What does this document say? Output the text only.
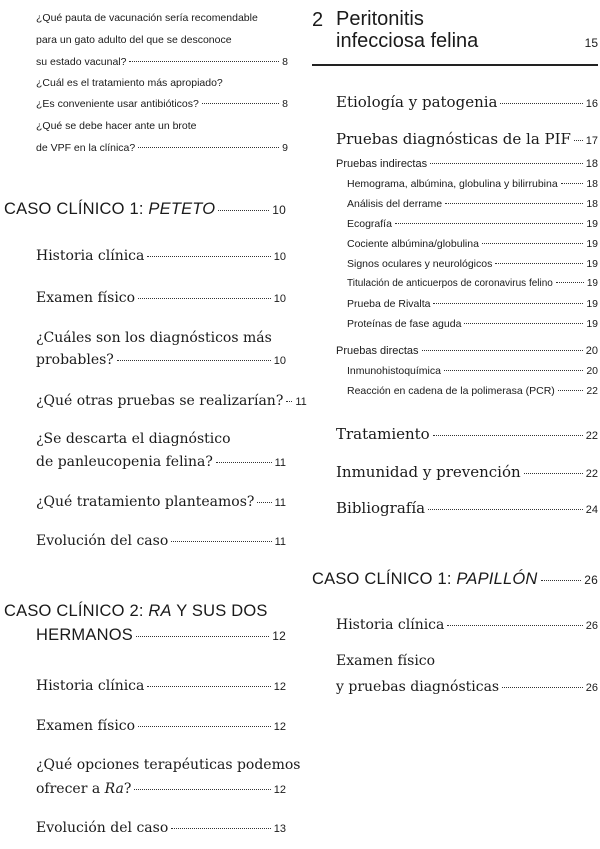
¿Qué pauta de vacunación sería recomendable
para un gato adulto del que se desconoce
su estado vacunal?	8
¿Cuál es el tratamiento más apropiado?
¿Es conveniente usar antibióticos?	8
¿Qué se debe hacer ante un brote
de VPF en la clínica?	9
CASO CLÍNICO 1: PETETO	10
Historia clínica	10
Examen físico	10
¿Cuáles son los diagnósticos más
probables?	10
¿Qué otras pruebas se realizarían? 11
¿Se descarta el diagnóstico
de panleucopenia felina?	11
¿Qué tratamiento planteamos? 11
Evolución del caso	11
CASO CLÍNICO 2: RA Y SUS DOS
HERMANOS	12
Historia clínica	12
Examen físico	12
¿Qué opciones terapéuticas podemos
ofrecer a Ra?	12
Evolución del caso	13
2 Peritonitis
infecciosa felina	15
Etiología y patogenia	16
Pruebas diagnósticas de la PIF 17
Pruebas indirectas	18
Hemograma, albúmina, globulina y bilirrubina	18
Análisis del derrame	18
Ecografía	19
Cociente albúmina/globulina	19
Signos oculares y neurológicos	19
Titulación de anticuerpos de coronavirus felino	19
Prueba de Rivalta	19
Proteínas de fase aguda	19
Pruebas directas	20
Inmunohistoquímica	20
Reacción en cadena de la polimerasa (PCR)	22
Tratamiento	22
Inmunidad y prevención	22
Bibliografía	24
CASO CLÍNICO 1: PAPILLÓN	26
Historia clínica	26
Examen físico
y pruebas diagnósticas	26
